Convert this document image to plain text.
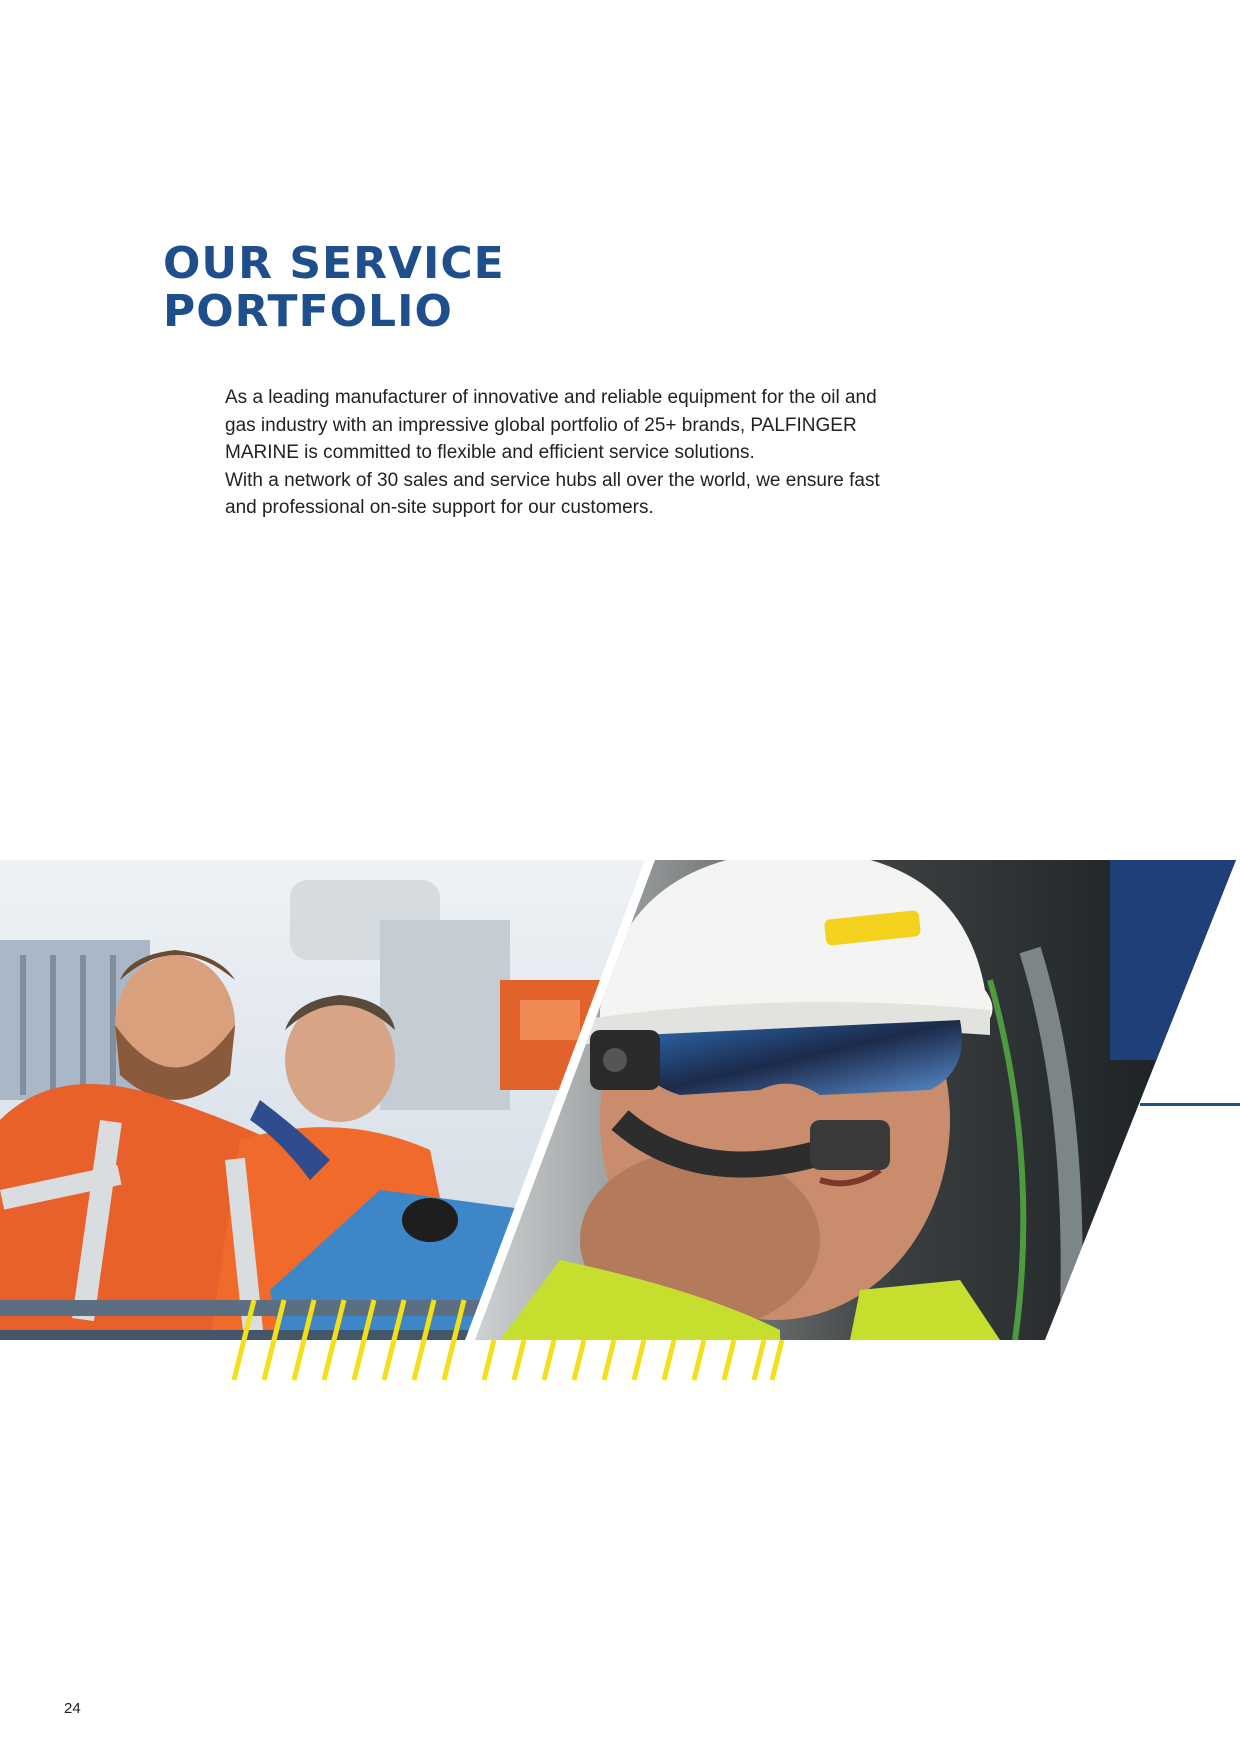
OUR SERVICE
PORTFOLIO

As a leading manufacturer of innovative and reliable equipment for the oil and
gas industry with an impressive global portfolio of 25+ brands, PALFINGER
MARINE is committed to flexible and efficient service solutions.
With a network of 30 sales and service hubs all over the world, we ensure fast
and professional on-site support for our customers.

24
